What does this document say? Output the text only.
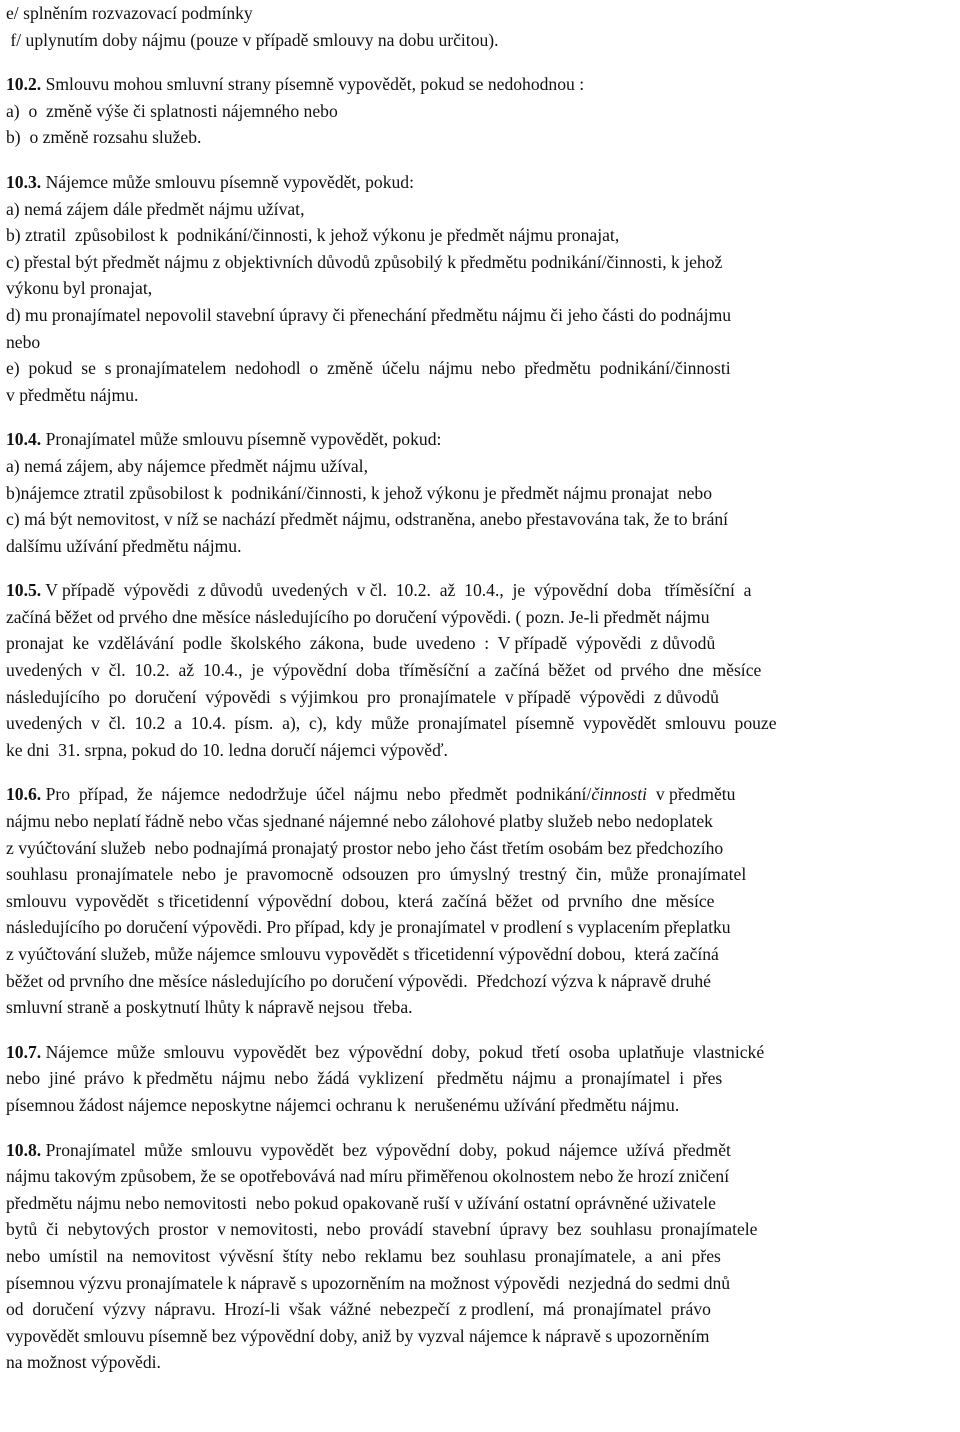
e/ splněním rozvazovací podmínky
f/ uplynutím doby nájmu (pouze v případě smlouvy na dobu určitou).
10.2. Smlouvu mohou smluvní strany písemně vypovědět, pokud se nedohodnou :
a)  o  změně výše či splatnosti nájemného nebo
b)  o změně rozsahu služeb.
10.3. Nájemce může smlouvu písemně vypovědět, pokud:
a) nemá zájem dále předmět nájmu užívat,
b) ztratil  způsobilost k  podnikání/činnosti, k jehož výkonu je předmět nájmu pronajat,
c) přestal být předmět nájmu z objektivních důvodů způsobilý k předmětu podnikání/činnosti, k jehož
výkonu byl pronajat,
d) mu pronajímatel nepovolil stavební úpravy či přenechání předmětu nájmu či jeho části do podnájmu
nebo
e)  pokud  se  s pronajímatelem  nedohodl  o  změně  účelu  nájmu  nebo  předmětu  podnikání/činnosti
v předmětu nájmu.
10.4. Pronajímatel může smlouvu písemně vypovědět, pokud:
a) nemá zájem, aby nájemce předmět nájmu užíval,
b)nájemce ztratil způsobilost k  podnikání/činnosti, k jehož výkonu je předmět nájmu pronajat  nebo
c) má být nemovitost, v níž se nachází předmět nájmu, odstraněna, anebo přestavována tak, že to brání
dalšímu užívání předmětu nájmu.
10.5. V případě  výpovědi  z důvodů  uvedených  v čl.  10.2.  až  10.4.,  je  výpovědní  doba   tříměsíční  a
začíná běžet od prvého dne měsíce následujícího po doručení výpovědi. ( pozn. Je-li předmět nájmu
pronajat  ke  vzdělávání  podle  školského  zákona,  bude  uvedeno  :  V případě  výpovědi  z důvodů
uvedených  v  čl.  10.2.  až  10.4.,  je  výpovědní  doba  tříměsíční  a  začíná  běžet  od  prvého  dne  měsíce
následujícího  po  doručení  výpovědi  s výjimkou  pro  pronajímatele  v případě  výpovědi  z důvodů
uvedených  v  čl.  10.2  a  10.4.  písm.  a),  c),  kdy  může  pronajímatel  písemně  vypovědět  smlouvu  pouze
ke dni  31. srpna, pokud do 10. ledna doručí nájemci výpověď.
10.6. Pro  případ,  že  nájemce  nedodržuje  účel  nájmu  nebo  předmět  podnikání/činnosti  v předmětu
nájmu nebo neplatí řádně nebo včas sjednané nájemné nebo zálohové platby služeb nebo nedoplatek
z vyúčtování služeb  nebo podnajímá pronajatý prostor nebo jeho část třetím osobám bez předchozího
souhlasu  pronajímatele  nebo  je  pravomocně  odsouzen  pro  úmyslný  trestný  čin,  může  pronajímatel
smlouvu  vypovědět  s třicetidenní  výpovědní  dobou,  která  začíná  běžet  od  prvního  dne  měsíce
následujícího po doručení výpovědi. Pro případ, kdy je pronajímatel v prodlení s vyplacením přeplatku
z vyúčtování služeb, může nájemce smlouvu vypovědět s třicetidenní výpovědní dobou,  která začíná
běžet od prvního dne měsíce následujícího po doručení výpovědi.  Předchozí výzva k nápravě druhé
smluvní straně a poskytnutí lhůty k nápravě nejsou  třeba.
10.7. Nájemce  může  smlouvu  vypovědět  bez  výpovědní  doby,  pokud  třetí  osoba  uplatňuje  vlastnické
nebo  jiné  právo  k předmětu  nájmu  nebo  žádá  vyklizení   předmětu  nájmu  a  pronajímatel  i  přes
písemnou žádost nájemce neposkytne nájemci ochranu k  nerušenému užívání předmětu nájmu.
10.8. Pronajímatel  může  smlouvu  vypovědět  bez  výpovědní  doby,  pokud  nájemce  užívá  předmět
nájmu takovým způsobem, že se opotřebovává nad míru přiměřenou okolnostem nebo že hrozí zničení
předmětu nájmu nebo nemovitosti  nebo pokud opakovaně ruší v užívání ostatní oprávněné uživatele
bytů  či  nebytových  prostor  v nemovitosti,  nebo  provádí  stavební  úpravy  bez  souhlasu  pronajímatele
nebo  umístil  na  nemovitost  vývěsní  štíty  nebo  reklamu  bez  souhlasu  pronajímatele,  a  ani  přes
písemnou výzvu pronajímatele k nápravě s upozorněním na možnost výpovědi  nezjedná do sedmi dnů
od  doručení  výzvy  nápravu.  Hrozí-li  však  vážné  nebezpečí  z prodlení,  má  pronajímatel  právo
vypovědět smlouvu písemně bez výpovědní doby, aniž by vyzval nájemce k nápravě s upozorněním
na možnost výpovědi.
